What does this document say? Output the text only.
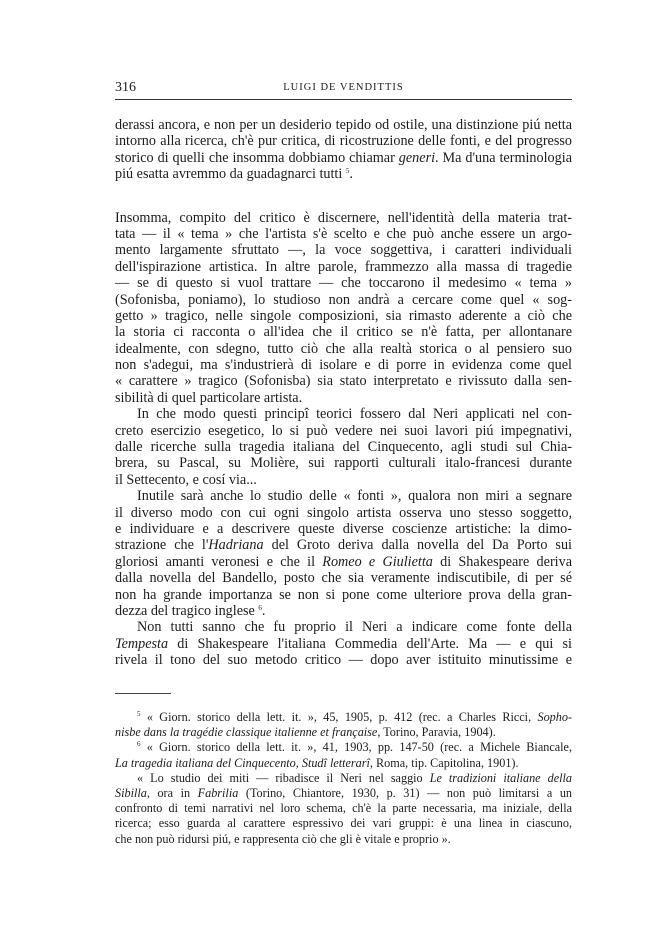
316	LUIGI DE VENDITTIS
derassi ancora, e non per un desiderio tepido od ostile, una distinzione piú netta
intorno alla ricerca, ch'è pur critica, di ricostruzione delle fonti, e del progresso
storico di quelli che insomma dobbiamo chiamar generi. Ma d'una terminologia
piú esatta avremmo da guadagnarci tutti $^5$.
Insomma, compito del critico è discernere, nell'identità della materia trat-
tata — il « tema » che l'artista s'è scelto e che può anche essere un argo-
mento largamente sfruttato —, la voce soggettiva, i caratteri individuali
dell'ispirazione artistica. In altre parole, frammezzo alla massa di tragedie
— se di questo si vuol trattare — che toccarono il medesimo « tema »
(Sofonisba, poniamo), lo studioso non andrà a cercare come quel « sog-
getto » tragico, nelle singole composizioni, sia rimasto aderente a ciò che
la storia ci racconta o all'idea che il critico se n'è fatta, per allontanare
idealmente, con sdegno, tutto ciò che alla realtà storica o al pensiero suo
non s'adegui, ma s'industrierà di isolare e di porre in evidenza come quel
« carattere » tragico (Sofonisba) sia stato interpretato e rivissuto dalla sen-
sibilità di quel particolare artista.
In che modo questi principî teorici fossero dal Neri applicati nel con-
creto esercizio esegetico, lo si può vedere nei suoi lavori piú impegnativi,
dalle ricerche sulla tragedia italiana del Cinquecento, agli studi sul Chia-
brera, su Pascal, su Molière, sui rapporti culturali italo-francesi durante
il Settecento, e cosí via...
Inutile sarà anche lo studio delle « fonti », qualora non miri a segnare
il diverso modo con cui ogni singolo artista osserva uno stesso soggetto,
e individuare e a descrivere queste diverse coscienze artistiche: la dimo-
strazione che l'Hadriana del Groto deriva dalla novella del Da Porto sui
gloriosi amanti veronesi e che il Romeo e Giulietta di Shakespeare deriva
dalla novella del Bandello, posto che sia veramente indiscutibile, di per sé
non ha grande importanza se non si pone come ulteriore prova della gran-
dezza del tragico inglese $^6$.
Non tutti sanno che fu proprio il Neri a indicare come fonte della
Tempesta di Shakespeare l'italiana Commedia dell'Arte. Ma — e qui si
rivela il tono del suo metodo critico — dopo aver istituito minutissime e
$^5$ « Giorn. storico della lett. it. », 45, 1905, p. 412 (rec. a Charles Ricci, Sopho-
nisbe dans la tragédie classique italienne et française, Torino, Paravia, 1904).
$^6$ « Giorn. storico della lett. it. », 41, 1903, pp. 147-50 (rec. a Michele Biancale,
La tragedia italiana del Cinquecento, Studî letterarî, Roma, tip. Capitolina, 1901).
« Lo studio dei miti — ribadisce il Neri nel saggio Le tradizioni italiane della
Sibilla, ora in Fabrilia (Torino, Chiantore, 1930, p. 31) — non può limitarsi a un
confronto di temi narrativi nel loro schema, ch'è la parte necessaria, ma iniziale, della
ricerca; esso guarda al carattere espressivo dei vari gruppi: è una linea in ciascuno,
che non può ridursi piú, e rappresenta ciò che gli è vitale e proprio ».
